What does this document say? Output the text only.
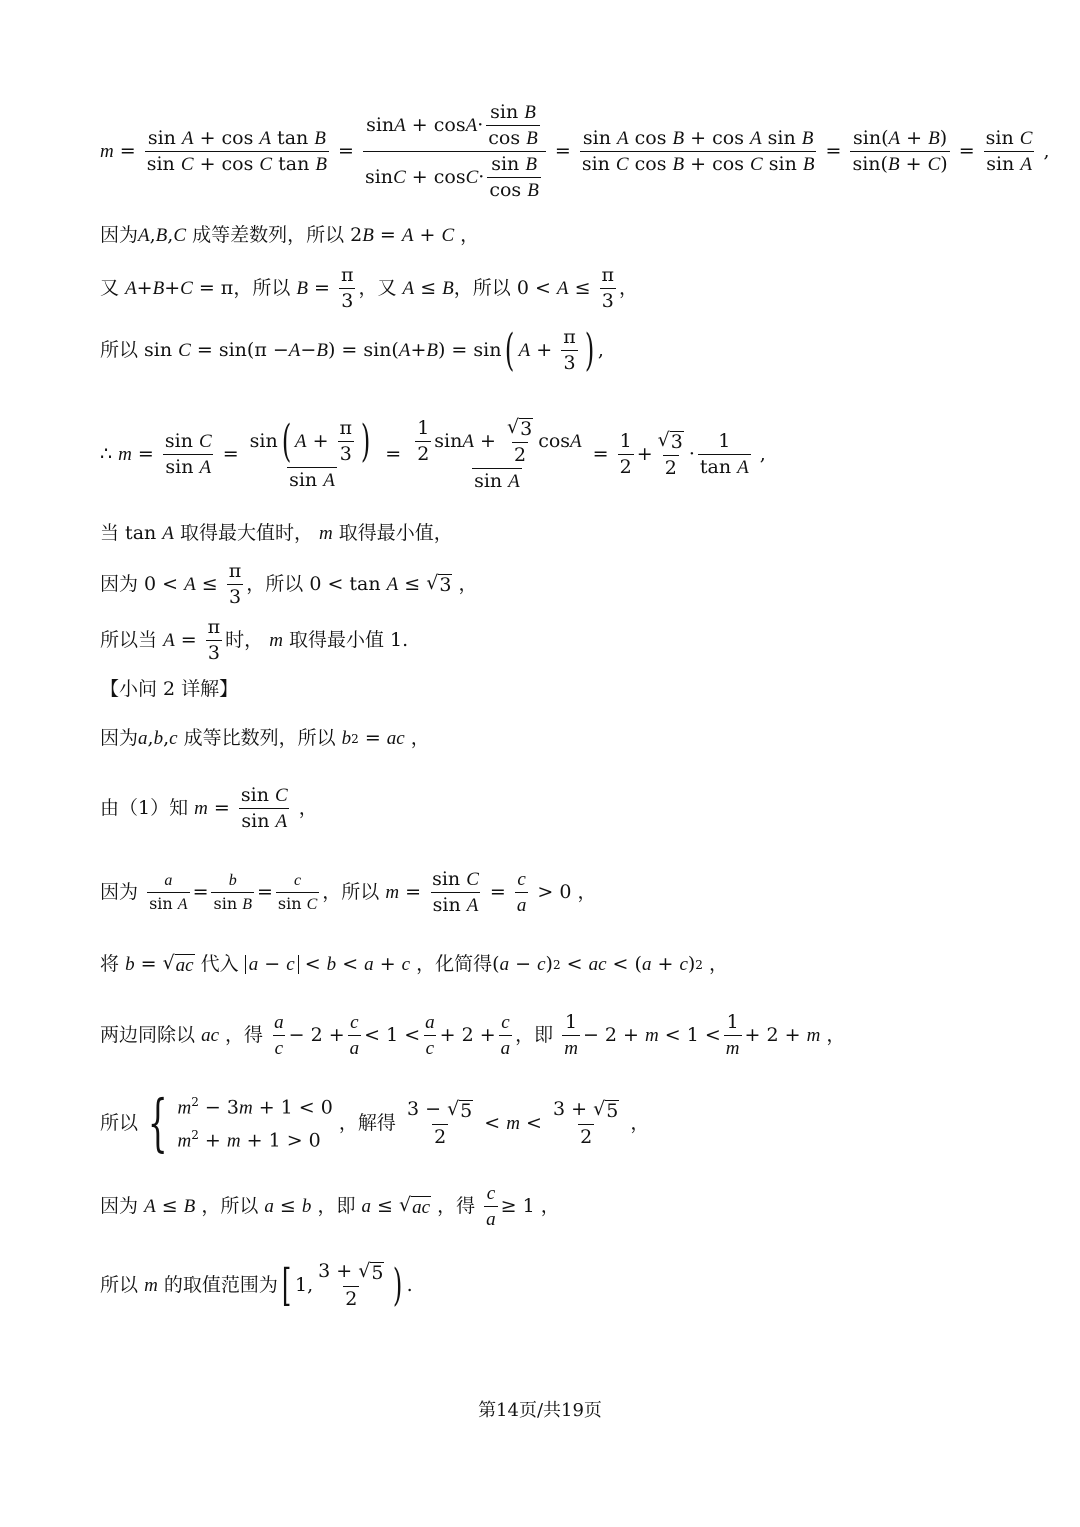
$m = \frac{\text{sin A + cos A tan B}}{\text{sin C + cos C tan B}} = \frac{\sin A + \cos A \cdot \frac{\text{sin B}}{\text{cos B}}}{\sin C + \cos C \cdot \frac{\text{sin B}}{\text{cos B}}} = \frac{\text{sin A cos B + cos A sin B}}{\text{sin C cos B + cos C sin B}} = \frac{\sin(A + B)}{\sin(B + C)} = \frac{\text{sin C}}{\text{sin A}}$ ,
因为 A , B , C
成等差数列，所以 2 B = A + C
，
又
A + B + C = π ，所以
$B = \frac{\pi}{3}$ ，又
A ≤ B ，所以 $0 < A \le \frac{\pi}{3}$ ，
所以 sin C = sin(π − A − B ) = sin( A + B ) = sin ( $A + \frac{\pi}{3}$ ) ,
∴ $m = \frac{\text{sin C}}{\text{sin A}} = \frac{\sin ( A + \frac{\pi}{3} )}{\text{sin A}} = \frac{\frac{1}{2} \sin A + \frac{√ 3}{2} \cos A}{\text{sin A}} = \frac{1}{2} + \frac{√ 3}{2} \cdot \frac{1}{\text{tan A}}$ ,
当 tan A
取得最大值时，
m
取得最小值，
因为 $0 < A \le \frac{\pi}{3}$ ，所以 0 < tan A ≤ √ 3
，
所以当
$A = \frac{\pi}{3}$ 时，
m
取得最小值 1.
【小问 2 详解】
因为 a , b , c
成等比数列，所以
b 2 = ac
，
由（1）知
$m = \frac{\text{sin C}}{\text{sin A}}$
，
因为
$\frac{a}{\text{sin A}} = \frac{b}{\text{sin B}} = \frac{c}{\text{sin C}}$ ，所以
$m = \frac{\text{sin C}}{\text{sin A}} = \frac{c}{a} > 0$ ，
将
b = √ ac
代入
a − c < b < a + c
，化简得 ( a − c ) 2 < ac < ( a + c ) 2
，
两边同除以
ac
，得
$\frac{a}{c} - 2 + \frac{c}{a} < 1 < \frac{a}{c} + 2 + \frac{c}{a}$ ，即
$\frac{1}{m} - 2 + m < 1 < \frac{1}{m} + 2 + m$
，
所以 { $m^2 - 3m + 1 < 0$
$m^2 + m + 1 > 0$

，解得
$\frac{3 - √ 5}{2} < m < \frac{3 + √ 5}{2}$
，
因为
A ≤ B
，所以
a ≤ b
，即
a ≤ √ ac
，得
$\frac{c}{a} \ge 1$ ，
所以
m
的取值范围为 [ 1, $\frac{3 + √ 5}{2}$ ) .
第14页/共19页
